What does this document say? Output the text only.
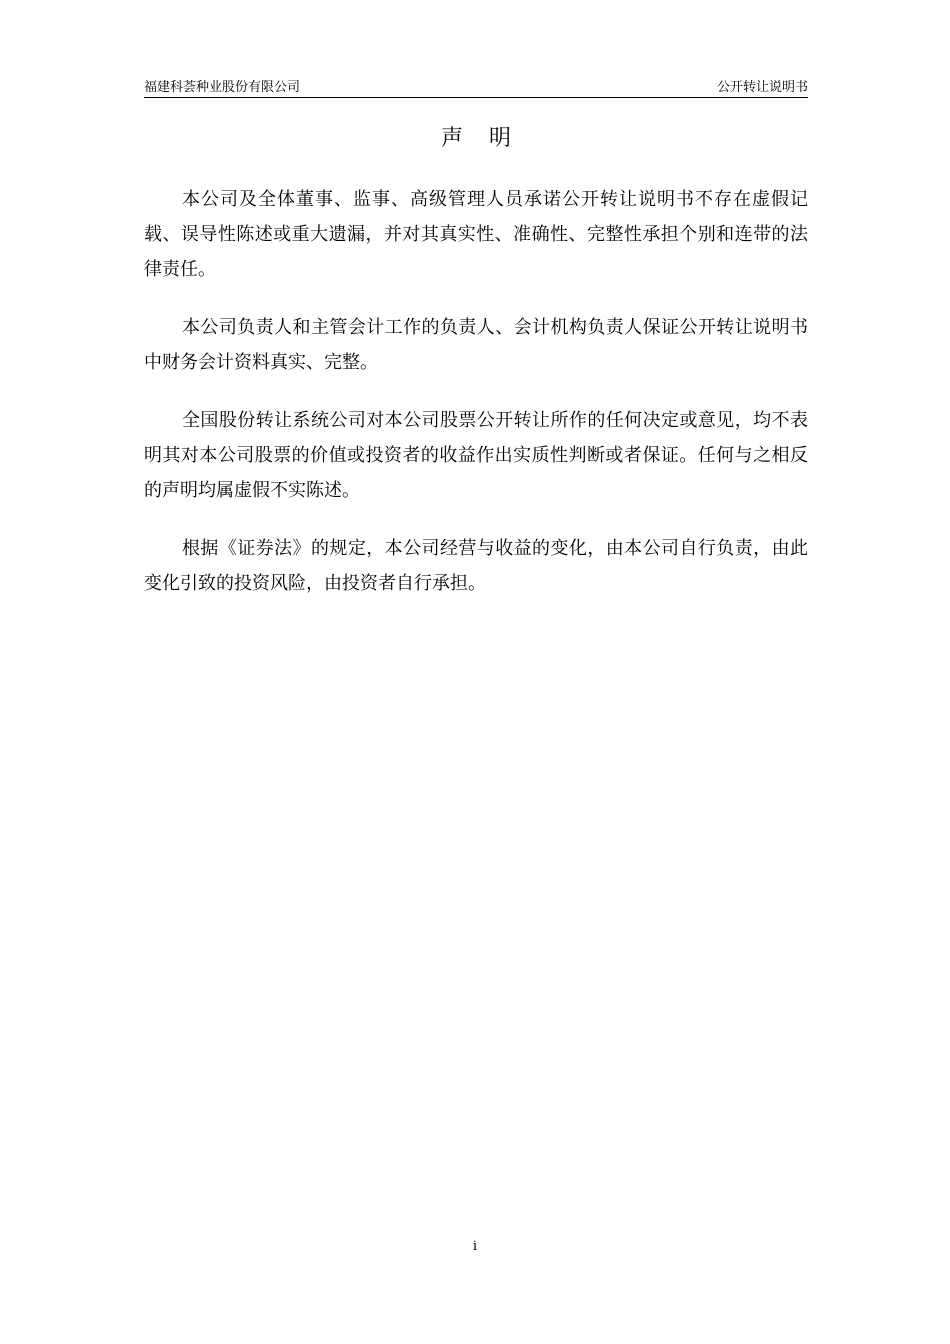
福建科荟种业股份有限公司	公开转让说明书
声明

本公司及全体董事、监事、高级管理人员承诺公开转让说明书不存在虚假记载、误导性陈述或重大遗漏，并对其真实性、准确性、完整性承担个别和连带的法律责任。

本公司负责人和主管会计工作的负责人、会计机构负责人保证公开转让说明书中财务会计资料真实、完整。

全国股份转让系统公司对本公司股票公开转让所作的任何决定或意见，均不表明其对本公司股票的价值或投资者的收益作出实质性判断或者保证。任何与之相反的声明均属虚假不实陈述。

根据《证券法》的规定，本公司经营与收益的变化，由本公司自行负责，由此变化引致的投资风险，由投资者自行承担。

i
